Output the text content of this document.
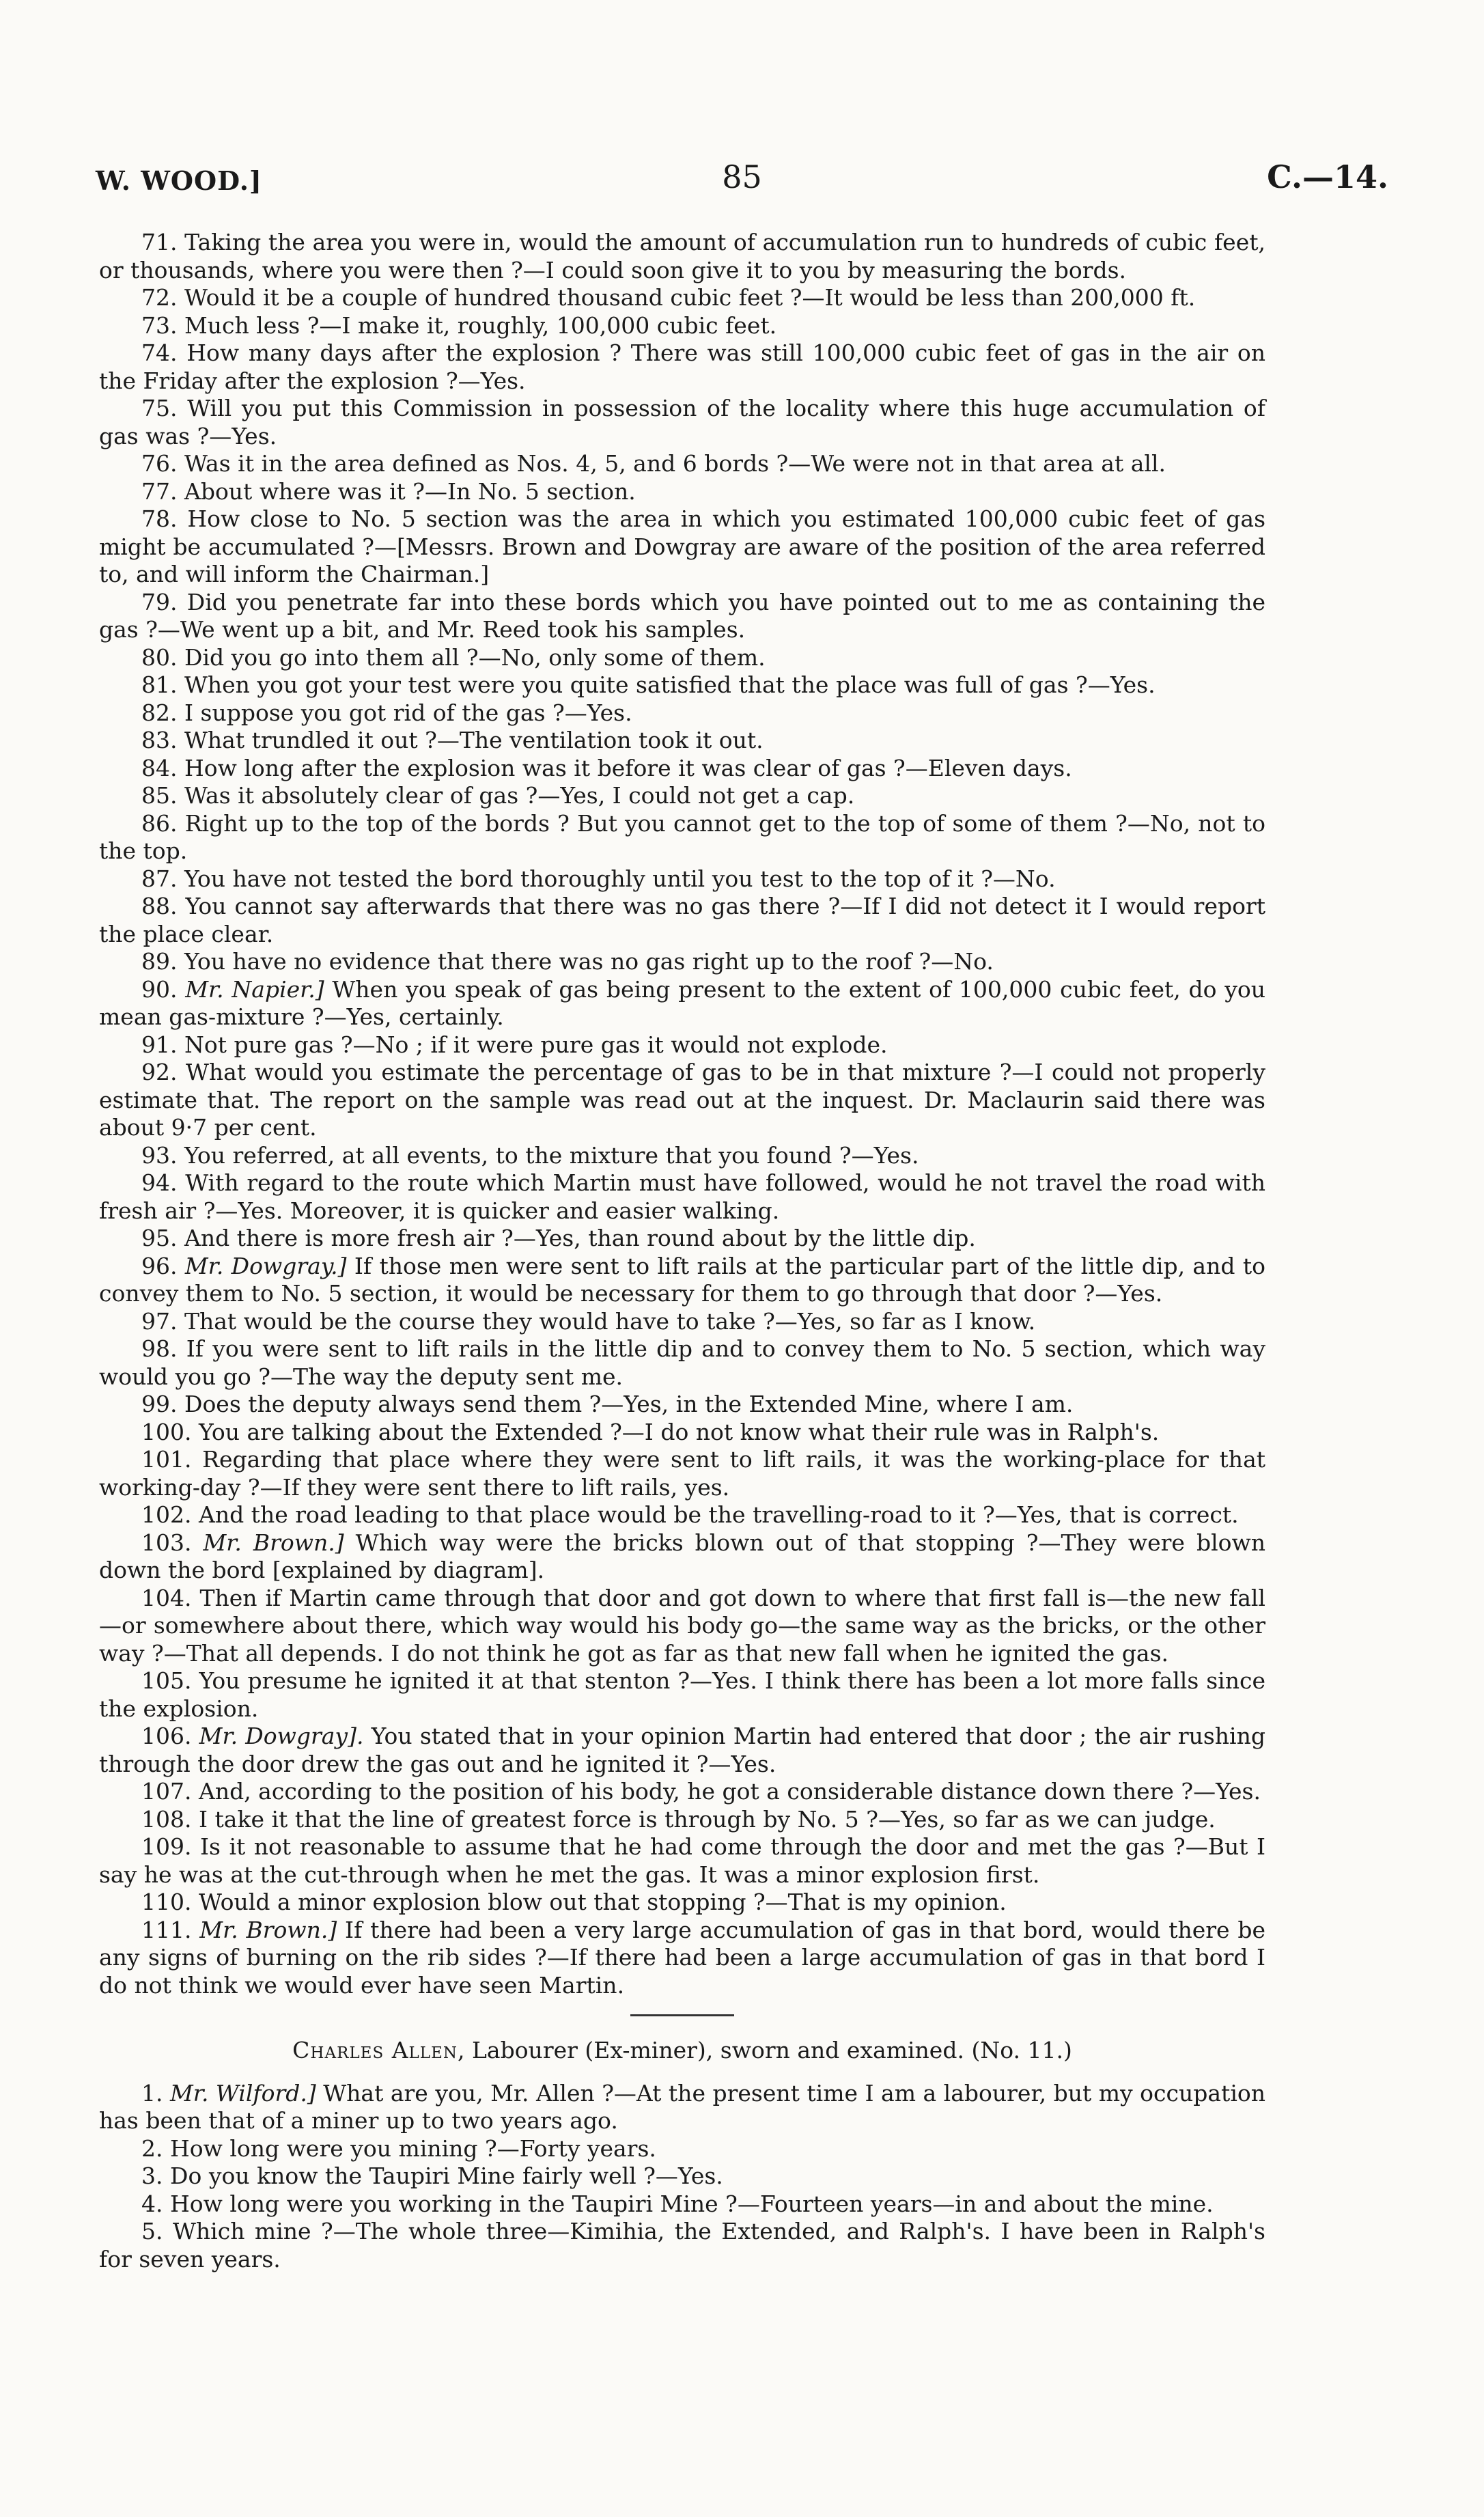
W. WOOD.]	85	C.—14.

71. Taking the area you were in, would the amount of accumulation run to hundreds of cubic feet, or thousands, where you were then ?—I could soon give it to you by measuring the bords.

72. Would it be a couple of hundred thousand cubic feet ?—It would be less than 200,000 ft.

73. Much less ?—I make it, roughly, 100,000 cubic feet.

74. How many days after the explosion ? There was still 100,000 cubic feet of gas in the air on the Friday after the explosion ?—Yes.

75. Will you put this Commission in possession of the locality where this huge accumulation of gas was ?—Yes.

76. Was it in the area defined as Nos. 4, 5, and 6 bords ?—We were not in that area at all.

77. About where was it ?—In No. 5 section.

78. How close to No. 5 section was the area in which you estimated 100,000 cubic feet of gas might be accumulated ?—[Messrs. Brown and Dowgray are aware of the position of the area referred to, and will inform the Chairman.]

79. Did you penetrate far into these bords which you have pointed out to me as containing the gas ?—We went up a bit, and Mr. Reed took his samples.

80. Did you go into them all ?—No, only some of them.

81. When you got your test were you quite satisfied that the place was full of gas ?—Yes.

82. I suppose you got rid of the gas ?—Yes.

83. What trundled it out ?—The ventilation took it out.

84. How long after the explosion was it before it was clear of gas ?—Eleven days.

85. Was it absolutely clear of gas ?—Yes, I could not get a cap.

86. Right up to the top of the bords ? But you cannot get to the top of some of them ?—No, not to the top.

87. You have not tested the bord thoroughly until you test to the top of it ?—No.

88. You cannot say afterwards that there was no gas there ?—If I did not detect it I would report the place clear.

89. You have no evidence that there was no gas right up to the roof ?—No.

90. Mr. Napier.] When you speak of gas being present to the extent of 100,000 cubic feet, do you mean gas-mixture ?—Yes, certainly.

91. Not pure gas ?—No ; if it were pure gas it would not explode.

92. What would you estimate the percentage of gas to be in that mixture ?—I could not properly estimate that. The report on the sample was read out at the inquest. Dr. Maclaurin said there was about 9·7 per cent.

93. You referred, at all events, to the mixture that you found ?—Yes.

94. With regard to the route which Martin must have followed, would he not travel the road with fresh air ?—Yes. Moreover, it is quicker and easier walking.

95. And there is more fresh air ?—Yes, than round about by the little dip.

96. Mr. Dowgray.] If those men were sent to lift rails at the particular part of the little dip, and to convey them to No. 5 section, it would be necessary for them to go through that door ?—Yes.

97. That would be the course they would have to take ?—Yes, so far as I know.

98. If you were sent to lift rails in the little dip and to convey them to No. 5 section, which way would you go ?—The way the deputy sent me.

99. Does the deputy always send them ?—Yes, in the Extended Mine, where I am.

100. You are talking about the Extended ?—I do not know what their rule was in Ralph's.

101. Regarding that place where they were sent to lift rails, it was the working-place for that working-day ?—If they were sent there to lift rails, yes.

102. And the road leading to that place would be the travelling-road to it ?—Yes, that is correct.

103. Mr. Brown.] Which way were the bricks blown out of that stopping ?—They were blown down the bord [explained by diagram].

104. Then if Martin came through that door and got down to where that first fall is—the new fall—or somewhere about there, which way would his body go—the same way as the bricks, or the other way ?—That all depends. I do not think he got as far as that new fall when he ignited the gas.

105. You presume he ignited it at that stenton ?—Yes. I think there has been a lot more falls since the explosion.

106. Mr. Dowgray]. You stated that in your opinion Martin had entered that door ; the air rushing through the door drew the gas out and he ignited it ?—Yes.

107. And, according to the position of his body, he got a considerable distance down there ?—Yes.

108. I take it that the line of greatest force is through by No. 5 ?—Yes, so far as we can judge.

109. Is it not reasonable to assume that he had come through the door and met the gas ?—But I say he was at the cut-through when he met the gas. It was a minor explosion first.

110. Would a minor explosion blow out that stopping ?—That is my opinion.

111. Mr. Brown.] If there had been a very large accumulation of gas in that bord, would there be any signs of burning on the rib sides ?—If there had been a large accumulation of gas in that bord I do not think we would ever have seen Martin.

Charles Allen, Labourer (Ex-miner), sworn and examined. (No. 11.)

1. Mr. Wilford.] What are you, Mr. Allen ?—At the present time I am a labourer, but my occupation has been that of a miner up to two years ago.

2. How long were you mining ?—Forty years.

3. Do you know the Taupiri Mine fairly well ?—Yes.

4. How long were you working in the Taupiri Mine ?—Fourteen years—in and about the mine.

5. Which mine ?—The whole three—Kimihia, the Extended, and Ralph's. I have been in Ralph's for seven years.
